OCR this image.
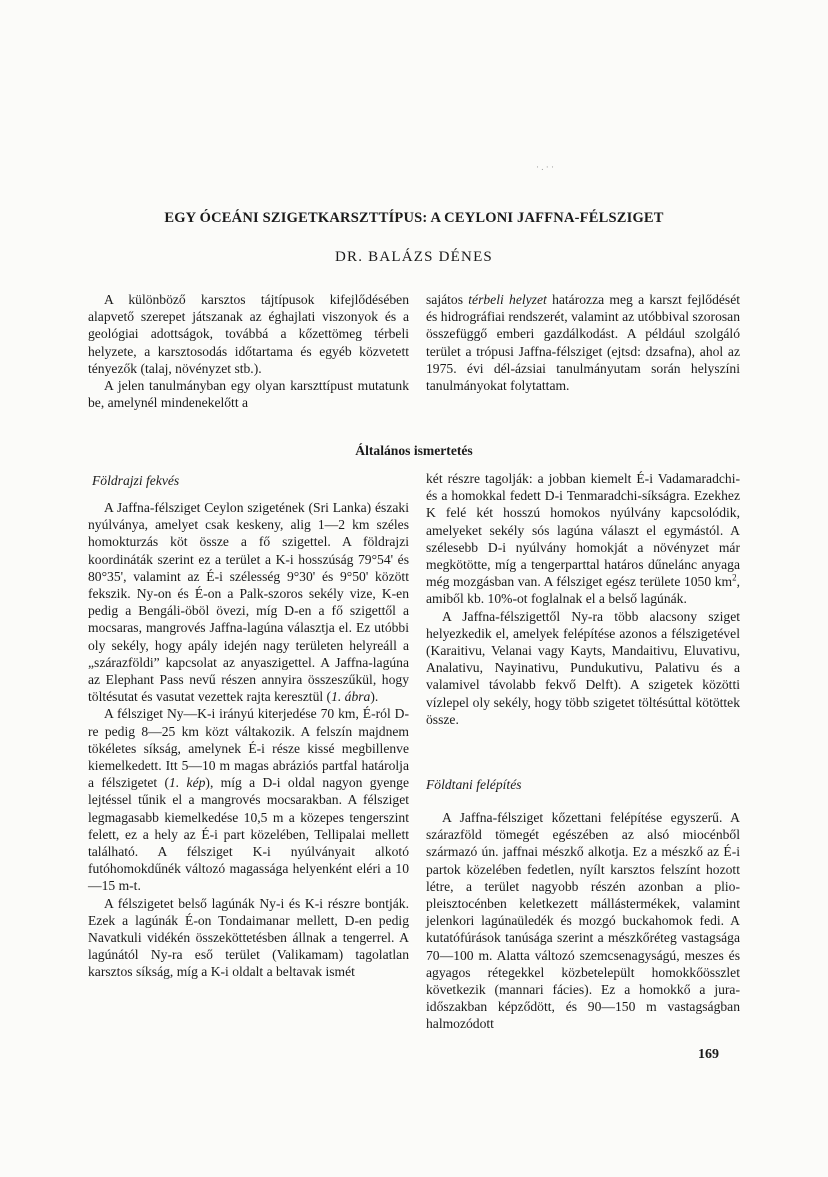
· . · ·
EGY ÓCEÁNI SZIGETKARSZTTÍPUS: A CEYLONI JAFFNA-FÉLSZIGET
DR. BALÁZS DÉNES

A különböző karsztos tájtípusok kifejlődésében alapvető szerepet játszanak az éghajlati viszonyok és a geológiai adottságok, továbbá a kőzettömeg térbeli helyzete, a karsztosodás időtartama és egyéb közvetett tényezők (talaj, növényzet stb.).

A jelen tanulmányban egy olyan karszttípust mutatunk be, amelynél mindenekelőtt a

sajátos térbeli helyzet határozza meg a karszt fejlődését és hidrográfiai rendszerét, valamint az utóbbival szorosan összefüggő emberi gazdálkodást. A például szolgáló terület a trópusi Jaffna-félsziget (ejtsd: dzsafna), ahol az 1975. évi dél-ázsiai tanulmányutam során helyszíni tanulmányokat folytattam.

Általános ismertetés
Földrajzi fekvés

A Jaffna-félsziget Ceylon szigetének (Sri Lanka) északi nyúlványa, amelyet csak keskeny, alig 1—2 km széles homokturzás köt össze a fő szigettel. A földrajzi koordináták szerint ez a terület a K-i hosszúság 79°54' és 80°35', valamint az É-i szélesség 9°30' és 9°50' között fekszik. Ny-on és É-on a Palk-szoros sekély vize, K-en pedig a Bengáli-öböl övezi, míg D-en a fő szigettől a mocsaras, mangrovés Jaffna-lagúna választja el. Ez utóbbi oly sekély, hogy apály idején nagy területen helyreáll a „szárazföldi” kapcsolat az anyaszigettel. A Jaffna-lagúna az Elephant Pass nevű részen annyira összeszűkül, hogy töltésutat és vasutat vezettek rajta keresztül (1. ábra).

A félsziget Ny—K-i irányú kiterjedése 70 km, É-ról D-re pedig 8—25 km közt váltakozik. A felszín majdnem tökéletes síkság, amelynek É-i része kissé megbillenve kiemelkedett. Itt 5—10 m magas abráziós partfal határolja a félszigetet (1. kép), míg a D-i oldal nagyon gyenge lejtéssel tűnik el a mangrovés mocsarakban. A félsziget legmagasabb kiemelkedése 10,5 m a közepes tengerszint felett, ez a hely az É-i part közelében, Tellipalai mellett található. A félsziget K-i nyúlványait alkotó futóhomokdűnék változó magassága helyenként eléri a 10—15 m-t.

A félszigetet belső lagúnák Ny-i és K-i részre bontják. Ezek a lagúnák É-on Tondaimanar mellett, D-en pedig Navatkuli vidékén összeköttetésben állnak a tengerrel. A lagúnától Ny-ra eső terület (Valikamam) tagolatlan karsztos síkság, míg a K-i oldalt a beltavak ismét

két részre tagolják: a jobban kiemelt É-i Vadamaradchi- és a homokkal fedett D-i Tenmaradchi-síkságra. Ezekhez K felé két hosszú homokos nyúlvány kapcsolódik, amelyeket sekély sós lagúna választ el egymástól. A szélesebb D-i nyúlvány homokját a növényzet már megkötötte, míg a tengerparttal határos dűnelánc anyaga még mozgásban van. A félsziget egész területe 1050 $km^2$, amiből kb. 10%-ot foglalnak el a belső lagúnák.

A Jaffna-félszigettől Ny-ra több alacsony sziget helyezkedik el, amelyek felépítése azonos a félszigetével (Karaitivu, Velanai vagy Kayts, Mandaitivu, Eluvativu, Analativu, Nayinativu, Pundukutivu, Palativu és a valamivel távolabb fekvő Delft). A szigetek közötti vízlepel oly sekély, hogy több szigetet töltésúttal kötöttek össze.

Földtani felépítés

A Jaffna-félsziget kőzettani felépítése egyszerű. A szárazföld tömegét egészében az alsó miocénből származó ún. jaffnai mészkő alkotja. Ez a mészkő az É-i partok közelében fedetlen, nyílt karsztos felszínt hozott létre, a terület nagyobb részén azonban a plio-pleisztocénben keletkezett mállástermékek, valamint jelenkori lagúnaüledék és mozgó buckahomok fedi. A kutatófúrások tanúsága szerint a mészkőréteg vastagsága 70—100 m. Alatta változó szemcsenagyságú, meszes és agyagos rétegekkel közbetelepült homokkőösszlet következik (mannari fácies). Ez a homokkő a jura-időszakban képződött, és 90—150 m vastagságban halmozódott

169
